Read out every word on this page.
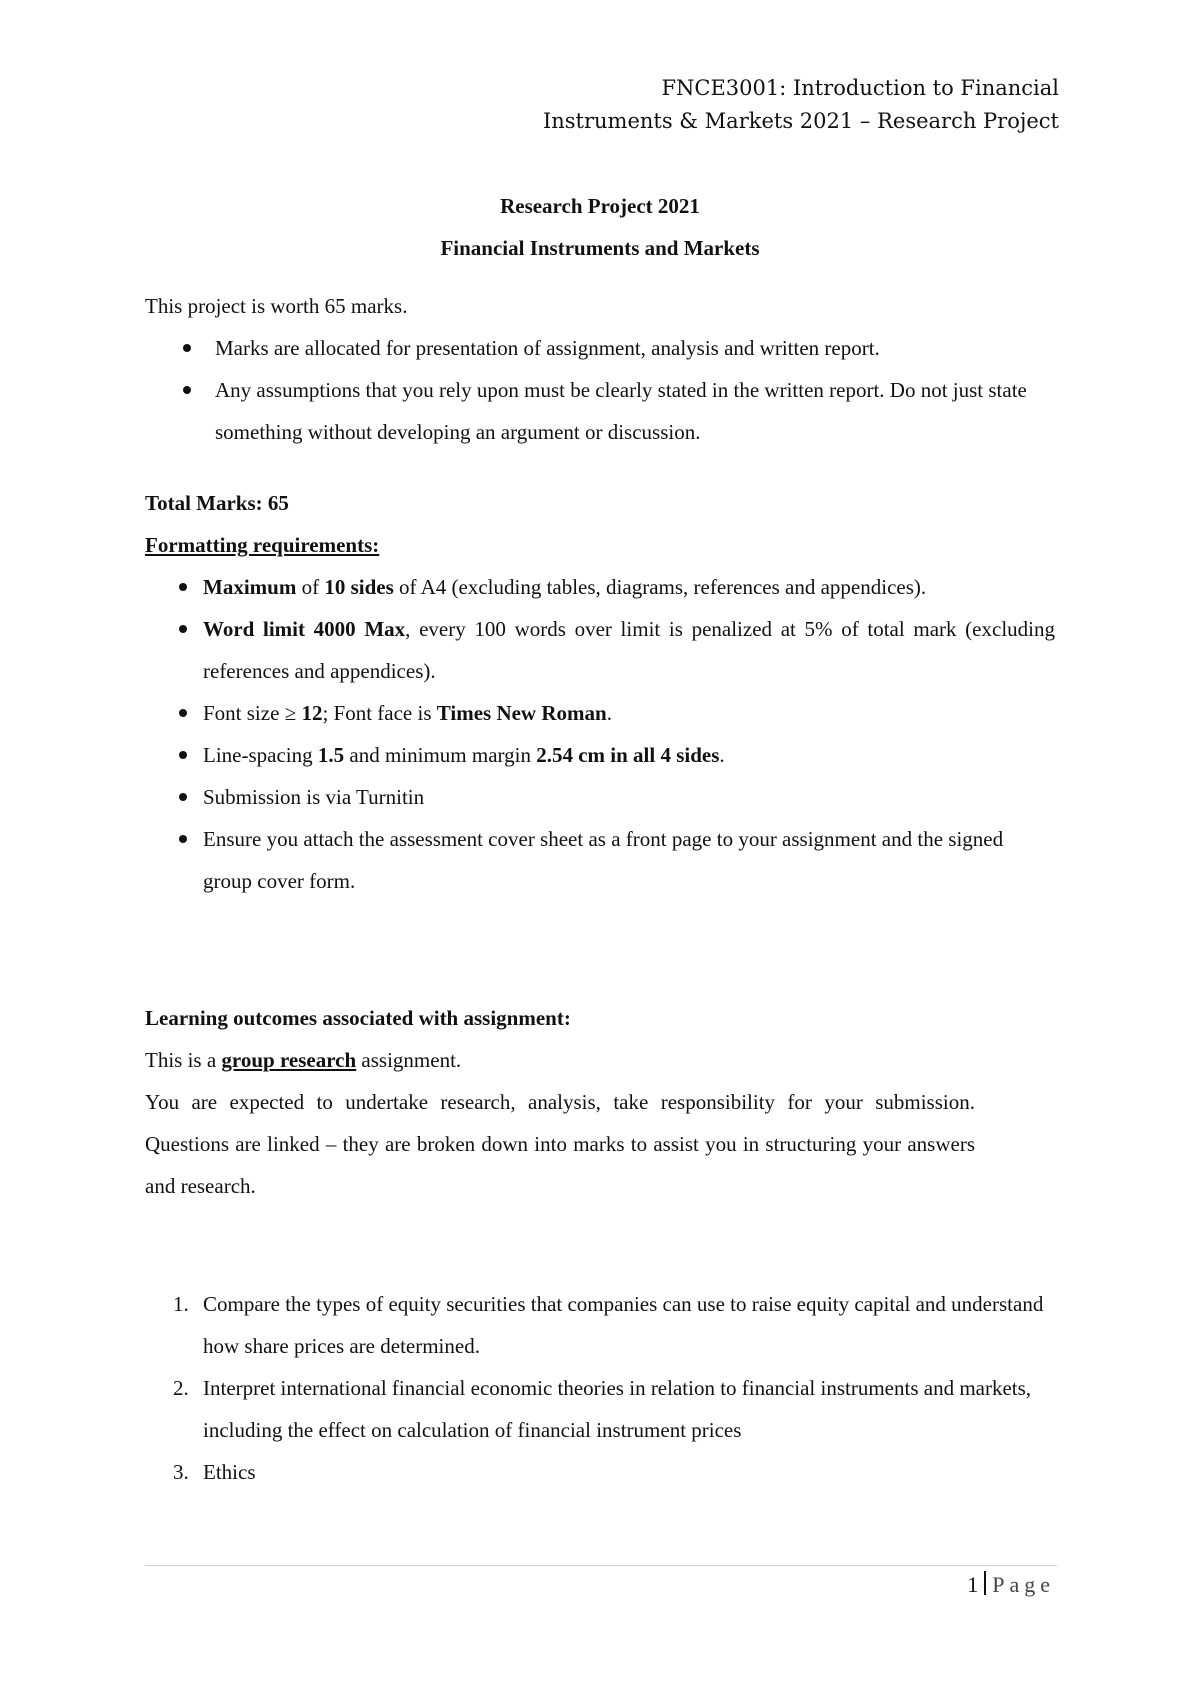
FNCE3001: Introduction to Financial
Instruments & Markets 2021 – Research Project
Research Project 2021
Financial Instruments and Markets
This project is worth 65 marks.
Marks are allocated for presentation of assignment, analysis and written report.
Any assumptions that you rely upon must be clearly stated in the written report. Do not just state something without developing an argument or discussion.
Total Marks: 65
Formatting requirements:
Maximum of 10 sides of A4 (excluding tables, diagrams, references and appendices).
Word limit 4000 Max, every 100 words over limit is penalized at 5% of total mark (excluding references and appendices).
Font size ≥ 12; Font face is Times New Roman.
Line-spacing 1.5 and minimum margin 2.54 cm in all 4 sides.
Submission is via Turnitin
Ensure you attach the assessment cover sheet as a front page to your assignment and the signed group cover form.
Learning outcomes associated with assignment:
This is a group research assignment.
You are expected to undertake research, analysis, take responsibility for your submission. Questions are linked – they are broken down into marks to assist you in structuring your answers and research.
1. Compare the types of equity securities that companies can use to raise equity capital and understand how share prices are determined.
2. Interpret international financial economic theories in relation to financial instruments and markets, including the effect on calculation of financial instrument prices
3. Ethics
1 Page
